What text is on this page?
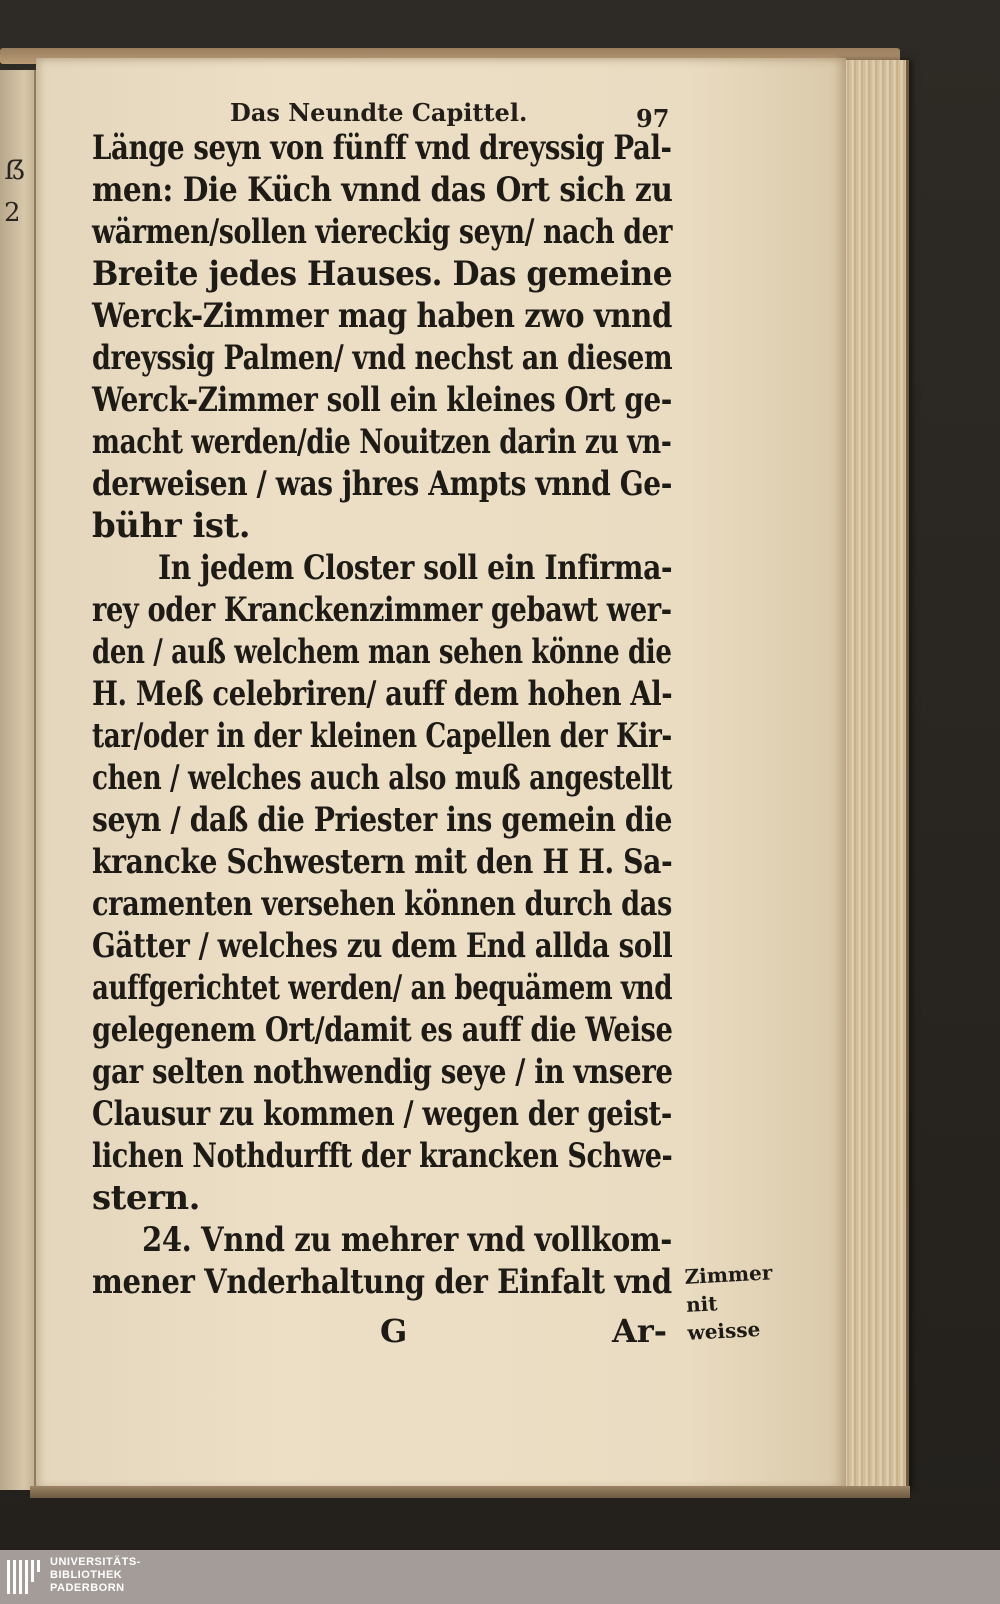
ẞ
2
Das Neundte Capittel.	97
Länge seyn von fünff vnd dreyssig Pal-
men: Die Küch vnnd das Ort sich zu
wärmen/sollen viereckig seyn/ nach der
Breite jedes Hauses. Das gemeine
Werck-Zimmer mag haben zwo vnnd
dreyssig Palmen/ vnd nechst an diesem
Werck-Zimmer soll ein kleines Ort ge-
macht werden/die Nouitzen darin zu vn-
derweisen / was jhres Ampts vnnd Ge-
bühr ist.
In jedem Closter soll ein Infirma-
rey oder Kranckenzimmer gebawt wer-
den / auß welchem man sehen könne die
H. Meß celebriren/ auff dem hohen Al-
tar/oder in der kleinen Capellen der Kir-
chen / welches auch also muß angestellt
seyn / daß die Priester ins gemein die
krancke Schwestern mit den H H. Sa-
cramenten versehen können durch das
Gätter / welches zu dem End allda soll
auffgerichtet werden/ an bequämem vnd
gelegenem Ort/damit es auff die Weise
gar selten nothwendig seye / in vnsere
Clausur zu kommen / wegen der geist-
lichen Nothdurfft der krancken Schwe-
stern.
24. Vnnd zu mehrer vnd vollkom-
mener Vnderhaltung der Einfalt vnd Zimmer
nit weisse
G	Ar-
UNIVERSITÄTS-
BIBLIOTHEK
PADERBORN
